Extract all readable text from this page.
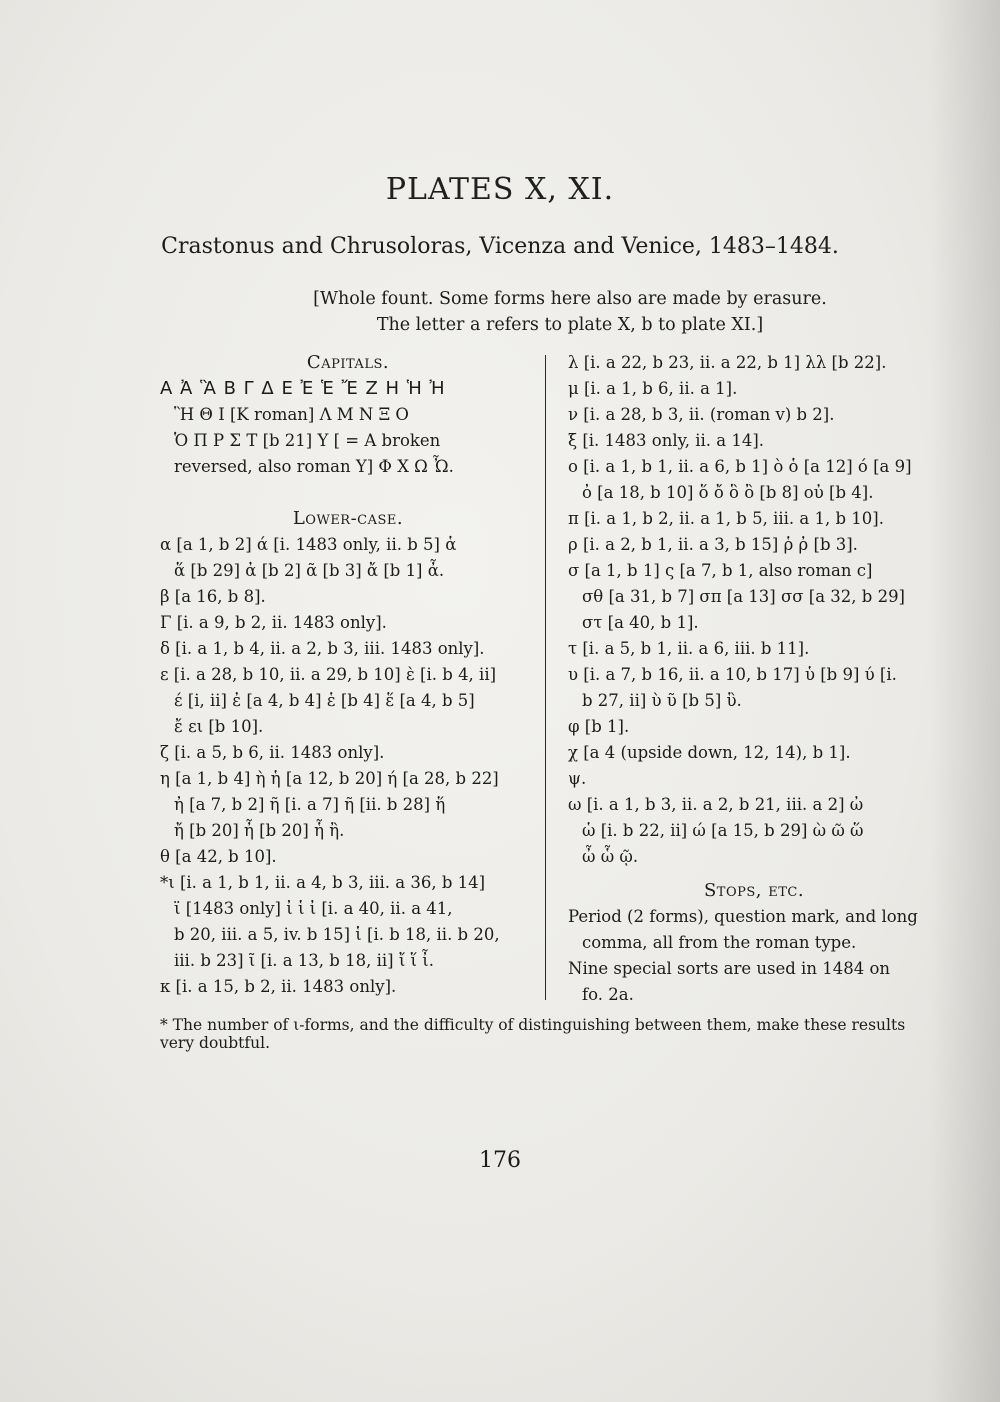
PLATES X, XI.
Crastonus and Chrusoloras, Vicenza and Venice, 1483–1484.
[Whole fount. Some forms here also are made by erasure.
The letter a refers to plate X, b to plate XI.]
Capitals.
Α Ἀ Ἃ Β Γ Δ Ε Ἐ Ἑ Ἔ Ζ Η Ἡ Ἠ
Ἣ Θ Ι [K roman] Λ Μ Ν Ξ Ο
Ὁ Π Ρ Σ Τ [b 21] Υ [ = A broken
reversed, also roman Y] Φ Χ Ω Ὦ.
Lower-case.
α [a 1, b 2] ά [i. 1483 only, ii. b 5] ἁ
ἅ [b 29] ἀ [b 2] ᾶ [b 3] ἄ [b 1] ἆ.
β [a 16, b 8].
Γ [i. a 9, b 2, ii. 1483 only].
δ [i. a 1, b 4, ii. a 2, b 3, iii. 1483 only].
ε [i. a 28, b 10, ii. a 29, b 10] ὲ [i. b 4, ii]
έ [i, ii] ἐ [a 4, b 4] ἑ [b 4] ἕ [a 4, b 5]
ἔ ει [b 10].
ζ [i. a 5, b 6, ii. 1483 only].
η [a 1, b 4] ὴ ἡ [a 12, b 20] ή [a 28, b 22]
ἠ [a 7, b 2] ῆ [i. a 7] ῆ [ii. b 28] ἥ
ἤ [b 20] ἦ [b 20] ἧ ἢ.
θ [a 42, b 10].
*ι [i. a 1, b 1, ii. a 4, b 3, iii. a 36, b 14]
ϊ [1483 only] ἰ ἱ ἰ [i. a 40, ii. a 41,
b 20, iii. a 5, iv. b 15] ἱ [i. b 18, ii. b 20,
iii. b 23] ῖ [i. a 13, b 18, ii] ἴ ἵ ἶ.
κ [i. a 15, b 2, ii. 1483 only].
λ [i. a 22, b 23, ii. a 22, b 1] λλ [b 22].
μ [i. a 1, b 6, ii. a 1].
ν [i. a 28, b 3, ii. (roman v) b 2].
ξ [i. 1483 only, ii. a 14].
ο [i. a 1, b 1, ii. a 6, b 1] ὸ ὁ [a 12] ό [a 9]
ὀ [a 18, b 10] ὅ ὄ ὃ ὂ [b 8] οὐ [b 4].
π [i. a 1, b 2, ii. a 1, b 5, iii. a 1, b 10].
ρ [i. a 2, b 1, ii. a 3, b 15] ῥ ῤ [b 3].
σ [a 1, b 1] ς [a 7, b 1, also roman c]
σθ [a 31, b 7] σπ [a 13] σσ [a 32, b 29]
στ [a 40, b 1].
τ [i. a 5, b 1, ii. a 6, iii. b 11].
υ [i. a 7, b 16, ii. a 10, b 17] ὑ [b 9] ύ [i.
b 27, ii] ὺ ῦ [b 5] ὓ.
φ [b 1].
χ [a 4 (upside down, 12, 14), b 1].
ψ.
ω [i. a 1, b 3, ii. a 2, b 21, iii. a 2] ὠ
ὡ [i. b 22, ii] ώ [a 15, b 29] ὼ ῶ ὥ
ὦ ὧ ῷ.
Stops, etc.
Period (2 forms), question mark, and long
comma, all from the roman type.
Nine special sorts are used in 1484 on
fo. 2a.
* The number of ι-forms, and the difficulty of distinguishing between them, make these results very doubtful.
176
